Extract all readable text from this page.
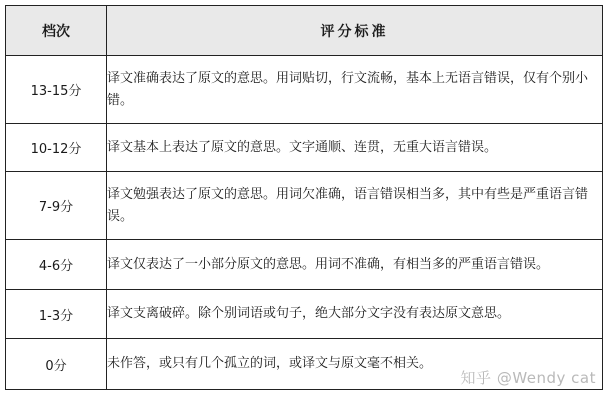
档次	评分标准
13-15分	译文准确表达了原文的意思。用词贴切，行文流畅，基本上无语言错误，仅有个别小错。
10-12分	译文基本上表达了原文的意思。文字通顺、连贯，无重大语言错误。
7-9分	译文勉强表达了原文的意思。用词欠准确，语言错误相当多，其中有些是严重语言错误。
4-6分	译文仅表达了一小部分原文的意思。用词不准确，有相当多的严重语言错误。
1-3分	译文支离破碎。除个别词语或句子，绝大部分文字没有表达原文意思。
0分	未作答，或只有几个孤立的词，或译文与原文毫不相关。
知乎 @Wendy cat
